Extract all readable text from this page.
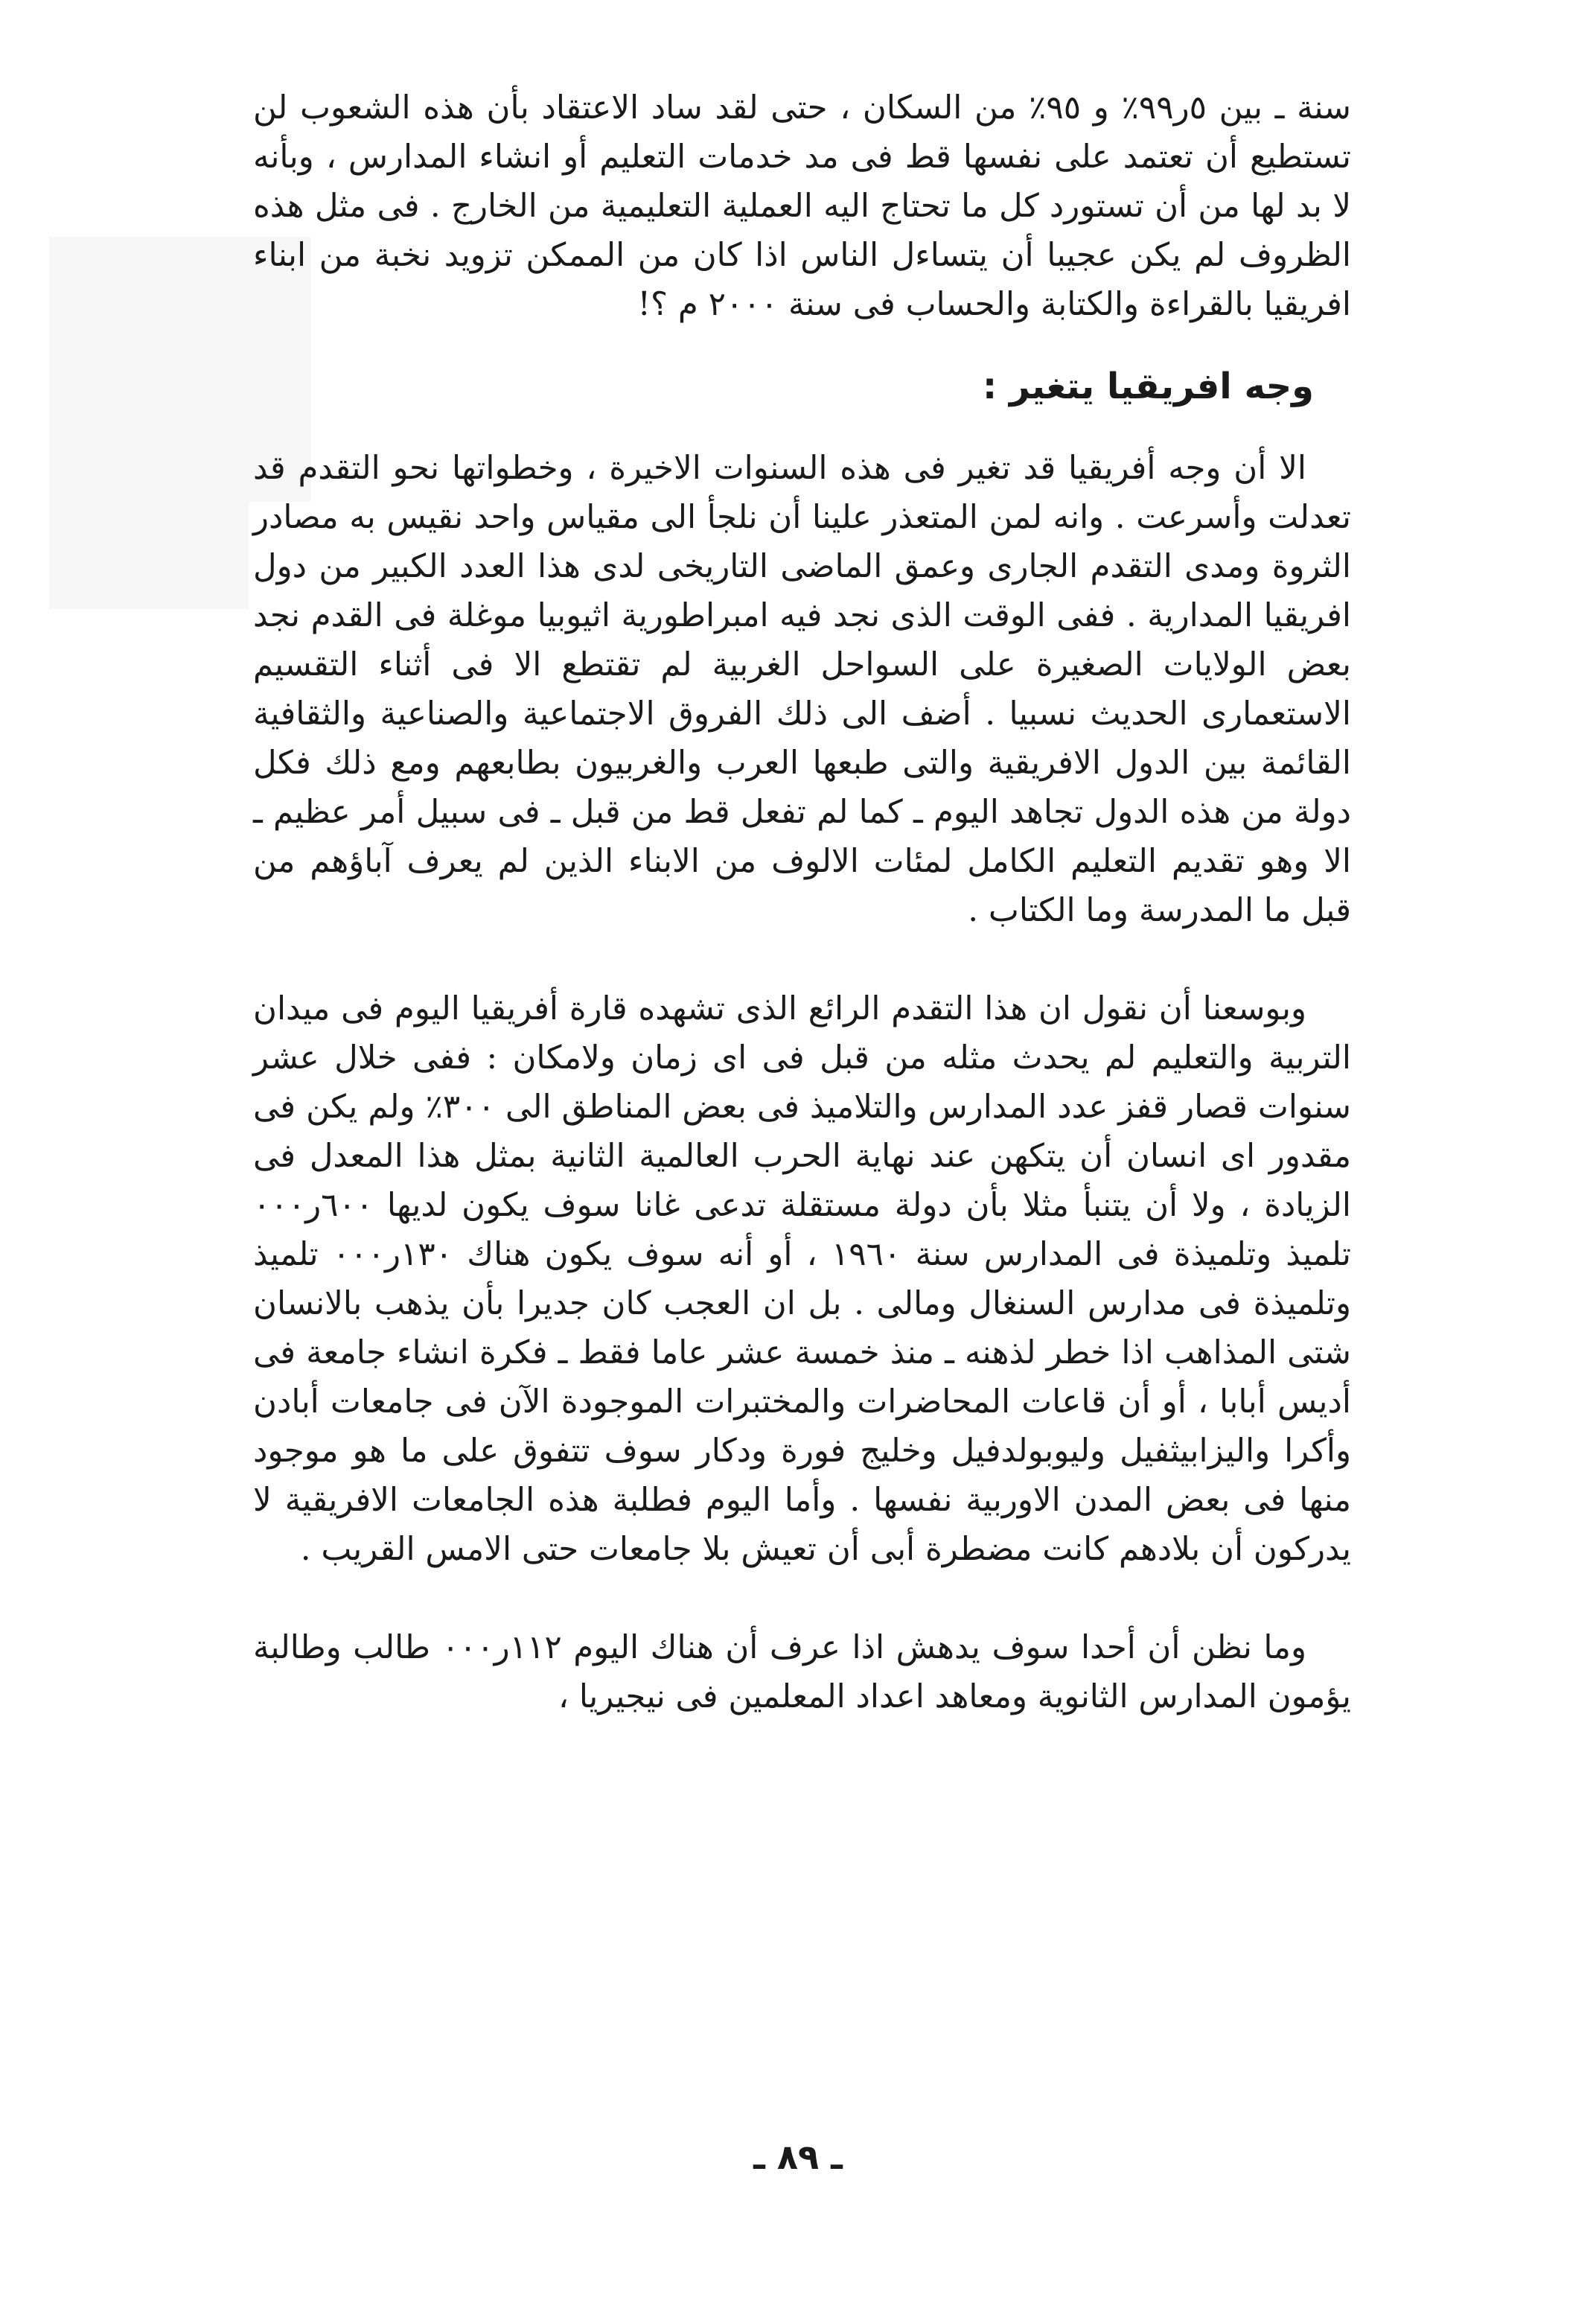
سنة ـ بين ٥ر٩٩٪ و ٩٥٪ من السكان ، حتى لقد ساد الاعتقاد بأن هذه الشعوب لن تستطيع أن تعتمد على نفسها قط فى مد خدمات التعليم أو انشاء المدارس ، وبأنه لا بد لها من أن تستورد كل ما تحتاج اليه العملية التعليمية من الخارج . فى مثل هذه الظروف لم يكن عجيبا أن يتساءل الناس اذا كان من الممكن تزويد نخبة من ابناء افريقيا بالقراءة والكتابة والحساب فى سنة ٢٠٠٠ م ؟!

وجه افريقيا يتغير :

الا أن وجه أفريقيا قد تغير فى هذه السنوات الاخيرة ، وخطواتها نحو التقدم قد تعدلت وأسرعت . وانه لمن المتعذر علينا أن نلجأ الى مقياس واحد نقيس به مصادر الثروة ومدى التقدم الجارى وعمق الماضى التاريخى لدى هذا العدد الكبير من دول افريقيا المدارية . ففى الوقت الذى نجد فيه امبراطورية اثيوبيا موغلة فى القدم نجد بعض الولايات الصغيرة على السواحل الغربية لم تقتطع الا فى أثناء التقسيم الاستعمارى الحديث نسبيا . أضف الى ذلك الفروق الاجتماعية والصناعية والثقافية القائمة بين الدول الافريقية والتى طبعها العرب والغربيون بطابعهم ومع ذلك فكل دولة من هذه الدول تجاهد اليوم ـ كما لم تفعل قط من قبل ـ فى سبيل أمر عظيم ـ الا وهو تقديم التعليم الكامل لمئات الالوف من الابناء الذين لم يعرف آباؤهم من قبل ما المدرسة وما الكتاب .

وبوسعنا أن نقول ان هذا التقدم الرائع الذى تشهده قارة أفريقيا اليوم فى ميدان التربية والتعليم لم يحدث مثله من قبل فى اى زمان ولامكان : ففى خلال عشر سنوات قصار قفز عدد المدارس والتلاميذ فى بعض المناطق الى ٣٠٠٪ ولم يكن فى مقدور اى انسان أن يتكهن عند نهاية الحرب العالمية الثانية بمثل هذا المعدل فى الزيادة ، ولا أن يتنبأ مثلا بأن دولة مستقلة تدعى غانا سوف يكون لديها ٦٠٠ر٠٠٠ تلميذ وتلميذة فى المدارس سنة ١٩٦٠ ، أو أنه سوف يكون هناك ١٣٠ر٠٠٠ تلميذ وتلميذة فى مدارس السنغال ومالى . بل ان العجب كان جديرا بأن يذهب بالانسان شتى المذاهب اذا خطر لذهنه ـ منذ خمسة عشر عاما فقط ـ فكرة انشاء جامعة فى أديس أبابا ، أو أن قاعات المحاضرات والمختبرات الموجودة الآن فى جامعات أبادن وأكرا واليزابيثفيل وليوبولدفيل وخليج فورة ودكار سوف تتفوق على ما هو موجود منها فى بعض المدن الاوربية نفسها . وأما اليوم فطلبة هذه الجامعات الافريقية لا يدركون أن بلادهم كانت مضطرة أبى أن تعيش بلا جامعات حتى الامس القريب .

وما نظن أن أحدا سوف يدهش اذا عرف أن هناك اليوم ١١٢ر٠٠٠ طالب وطالبة يؤمون المدارس الثانوية ومعاهد اعداد المعلمين فى نيجيريا ،

ـ ٨٩ ـ
